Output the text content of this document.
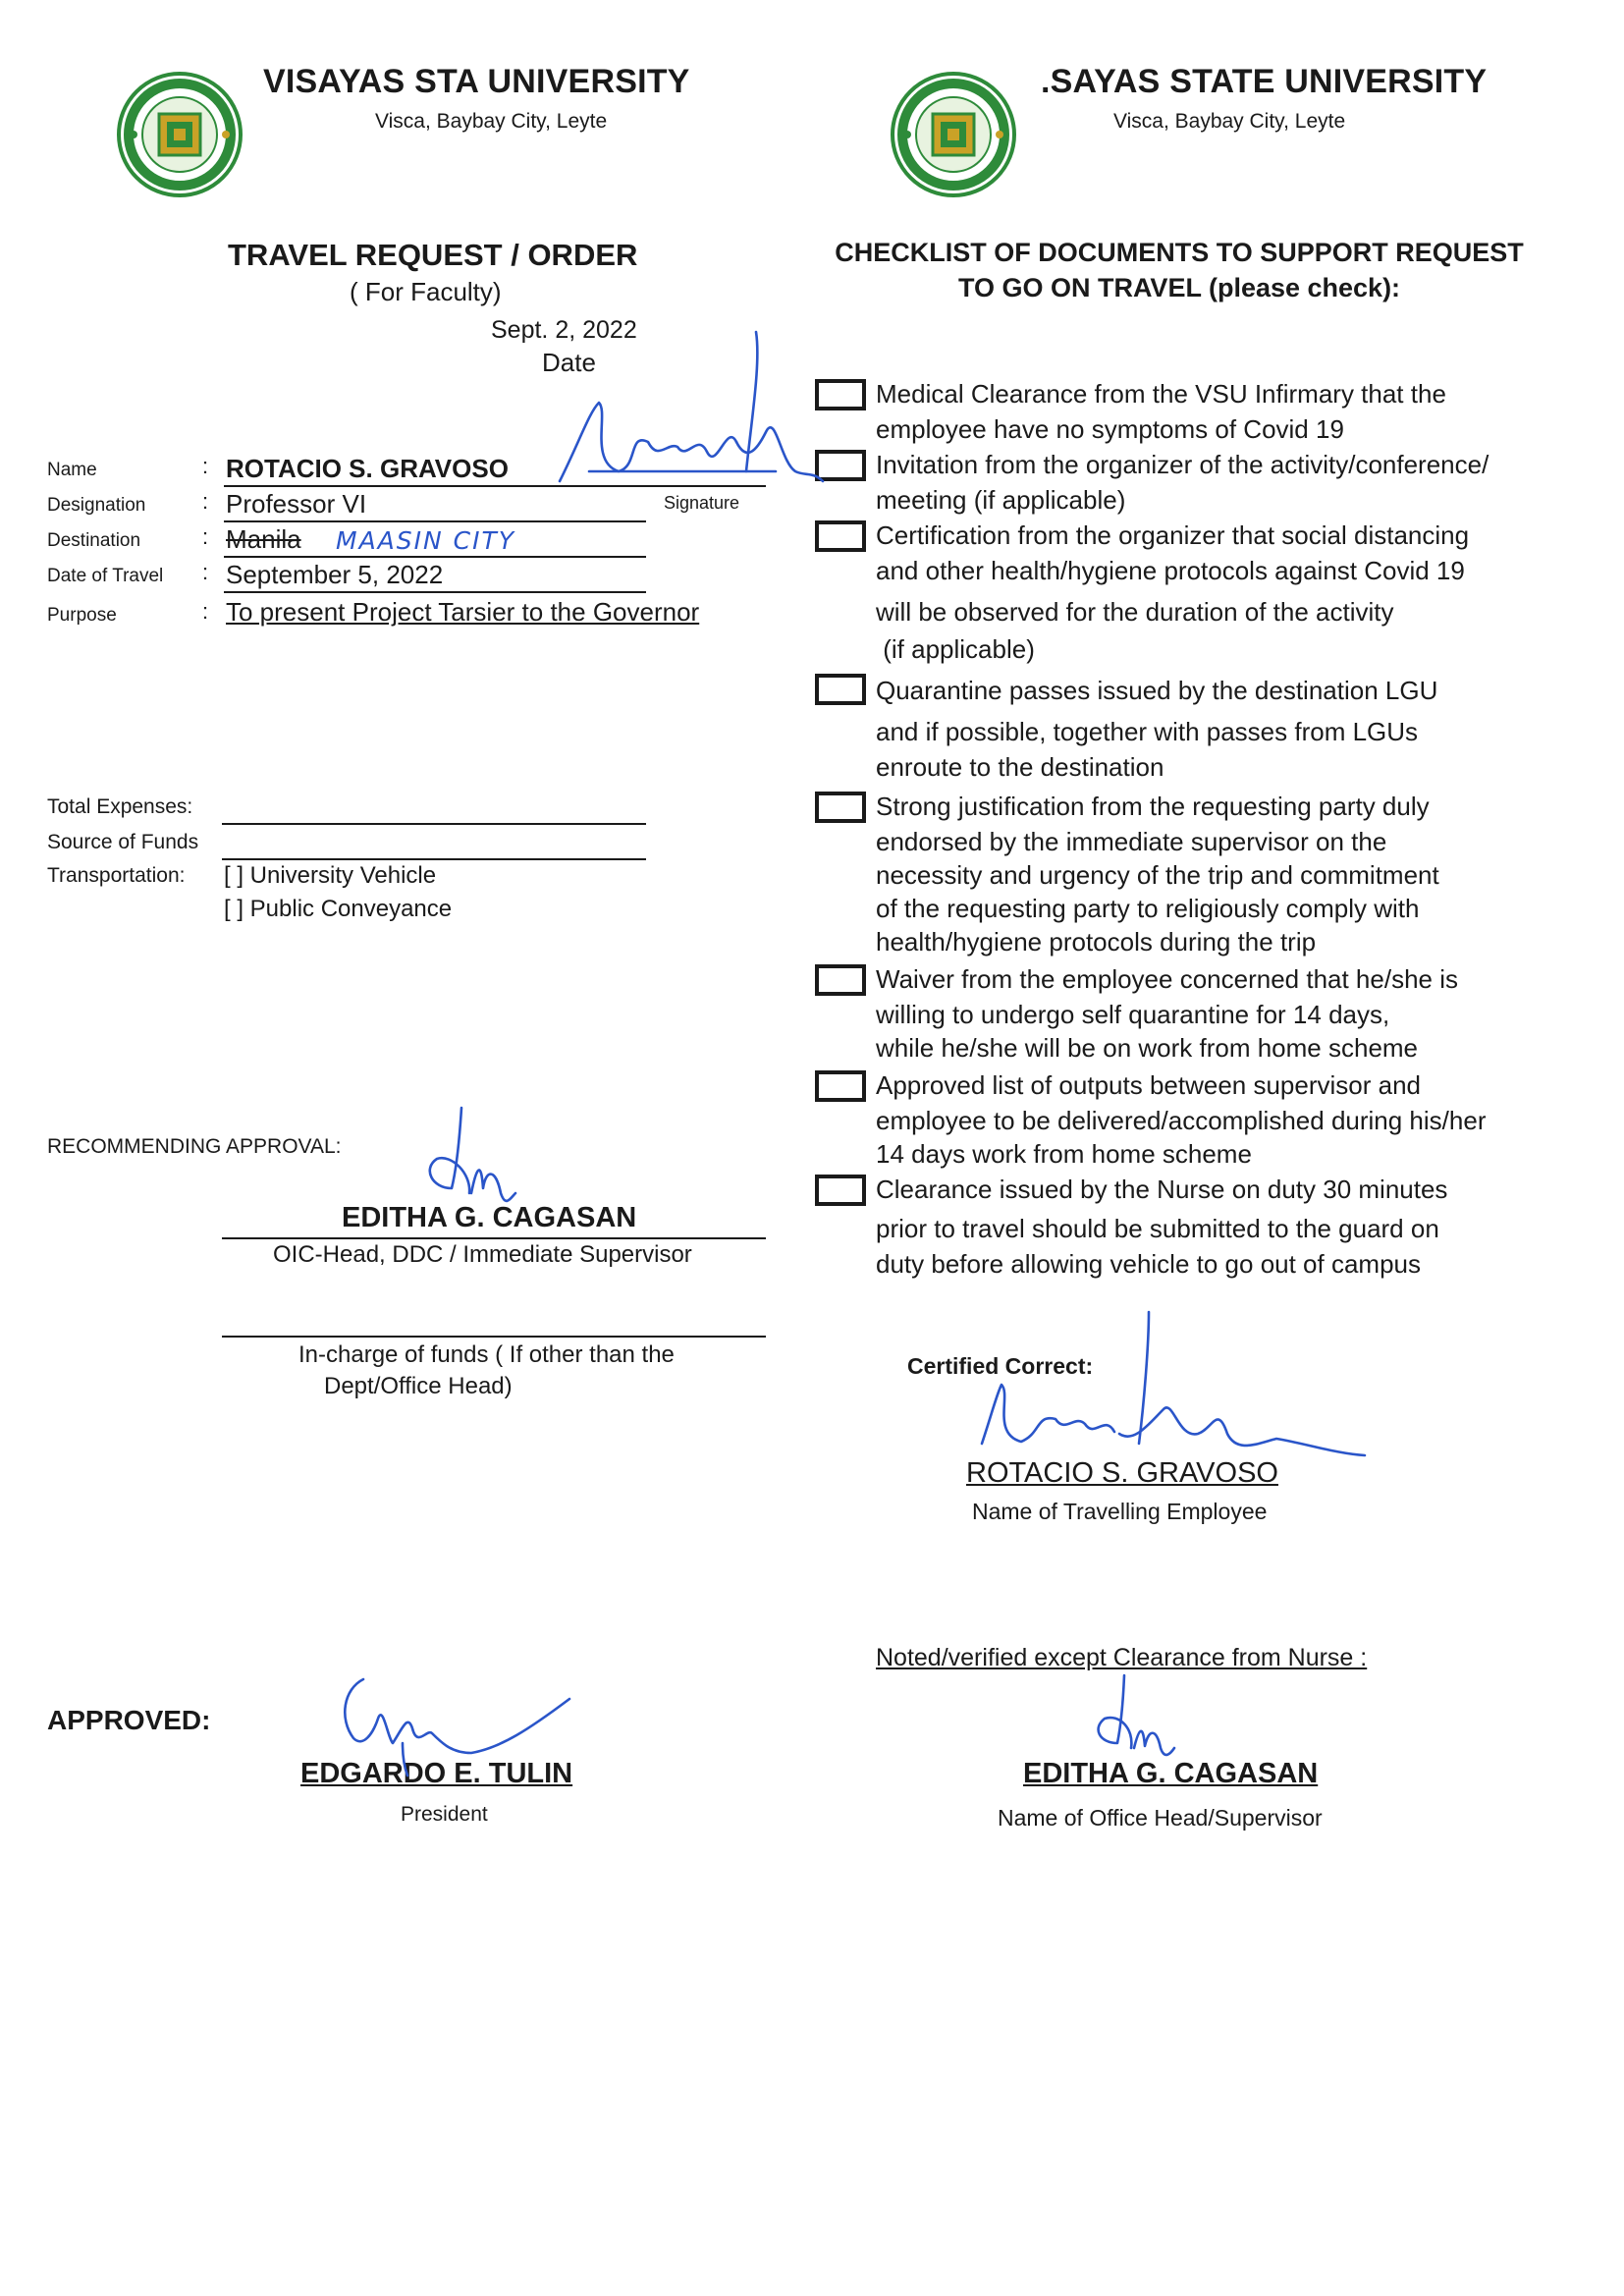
VISAYAS STA UNIVERSITY
Visca, Baybay City, Leyte
.SAYAS STATE UNIVERSITY
Visca, Baybay City, Leyte
TRAVEL REQUEST / ORDER
( For Faculty)
Sept. 2, 2022
Date
Name	: ROTACIO S. GRAVOSO
Signature
Designation	: Professor VI
Destination	: Manila MAASIN CITY
Date of Travel : September 5, 2022
Purpose	: To present Project Tarsier to the Governor
Total Expenses:
Source of Funds
Transportation: [ ] University Vehicle
[ ] Public Conveyance
RECOMMENDING APPROVAL:
EDITHA G. CAGASAN
OIC-Head, DDC / Immediate Supervisor
In-charge of funds ( If other than the
Dept/Office Head)
APPROVED:
EDGARDO E. TULIN
President
CHECKLIST OF DOCUMENTS TO SUPPORT REQUEST
TO GO ON TRAVEL (please check):
Medical Clearance from the VSU Infirmary that the
employee have no symptoms of Covid 19
Invitation from the organizer of the activity/conference/
meeting (if applicable)
Certification from the organizer that social distancing
and other health/hygiene protocols against Covid 19
will be observed for the duration of the activity
(if applicable)
Quarantine passes issued by the destination LGU
and if possible, together with passes from LGUs
enroute to the destination
Strong justification from the requesting party duly
endorsed by the immediate supervisor on the
necessity and urgency of the trip and commitment
of the requesting party to religiously comply with
health/hygiene protocols during the trip
Waiver from the employee concerned that he/she is
willing to undergo self quarantine for 14 days,
while he/she will be on work from home scheme
Approved list of outputs between supervisor and
employee to be delivered/accomplished during his/her
14 days work from home scheme
Clearance issued by the Nurse on duty 30 minutes
prior to travel should be submitted to the guard on
duty before allowing vehicle to go out of campus
Certified Correct:
ROTACIO S. GRAVOSO
Name of Travelling Employee
Noted/verified except Clearance from Nurse :
EDITHA G. CAGASAN
Name of Office Head/Supervisor
